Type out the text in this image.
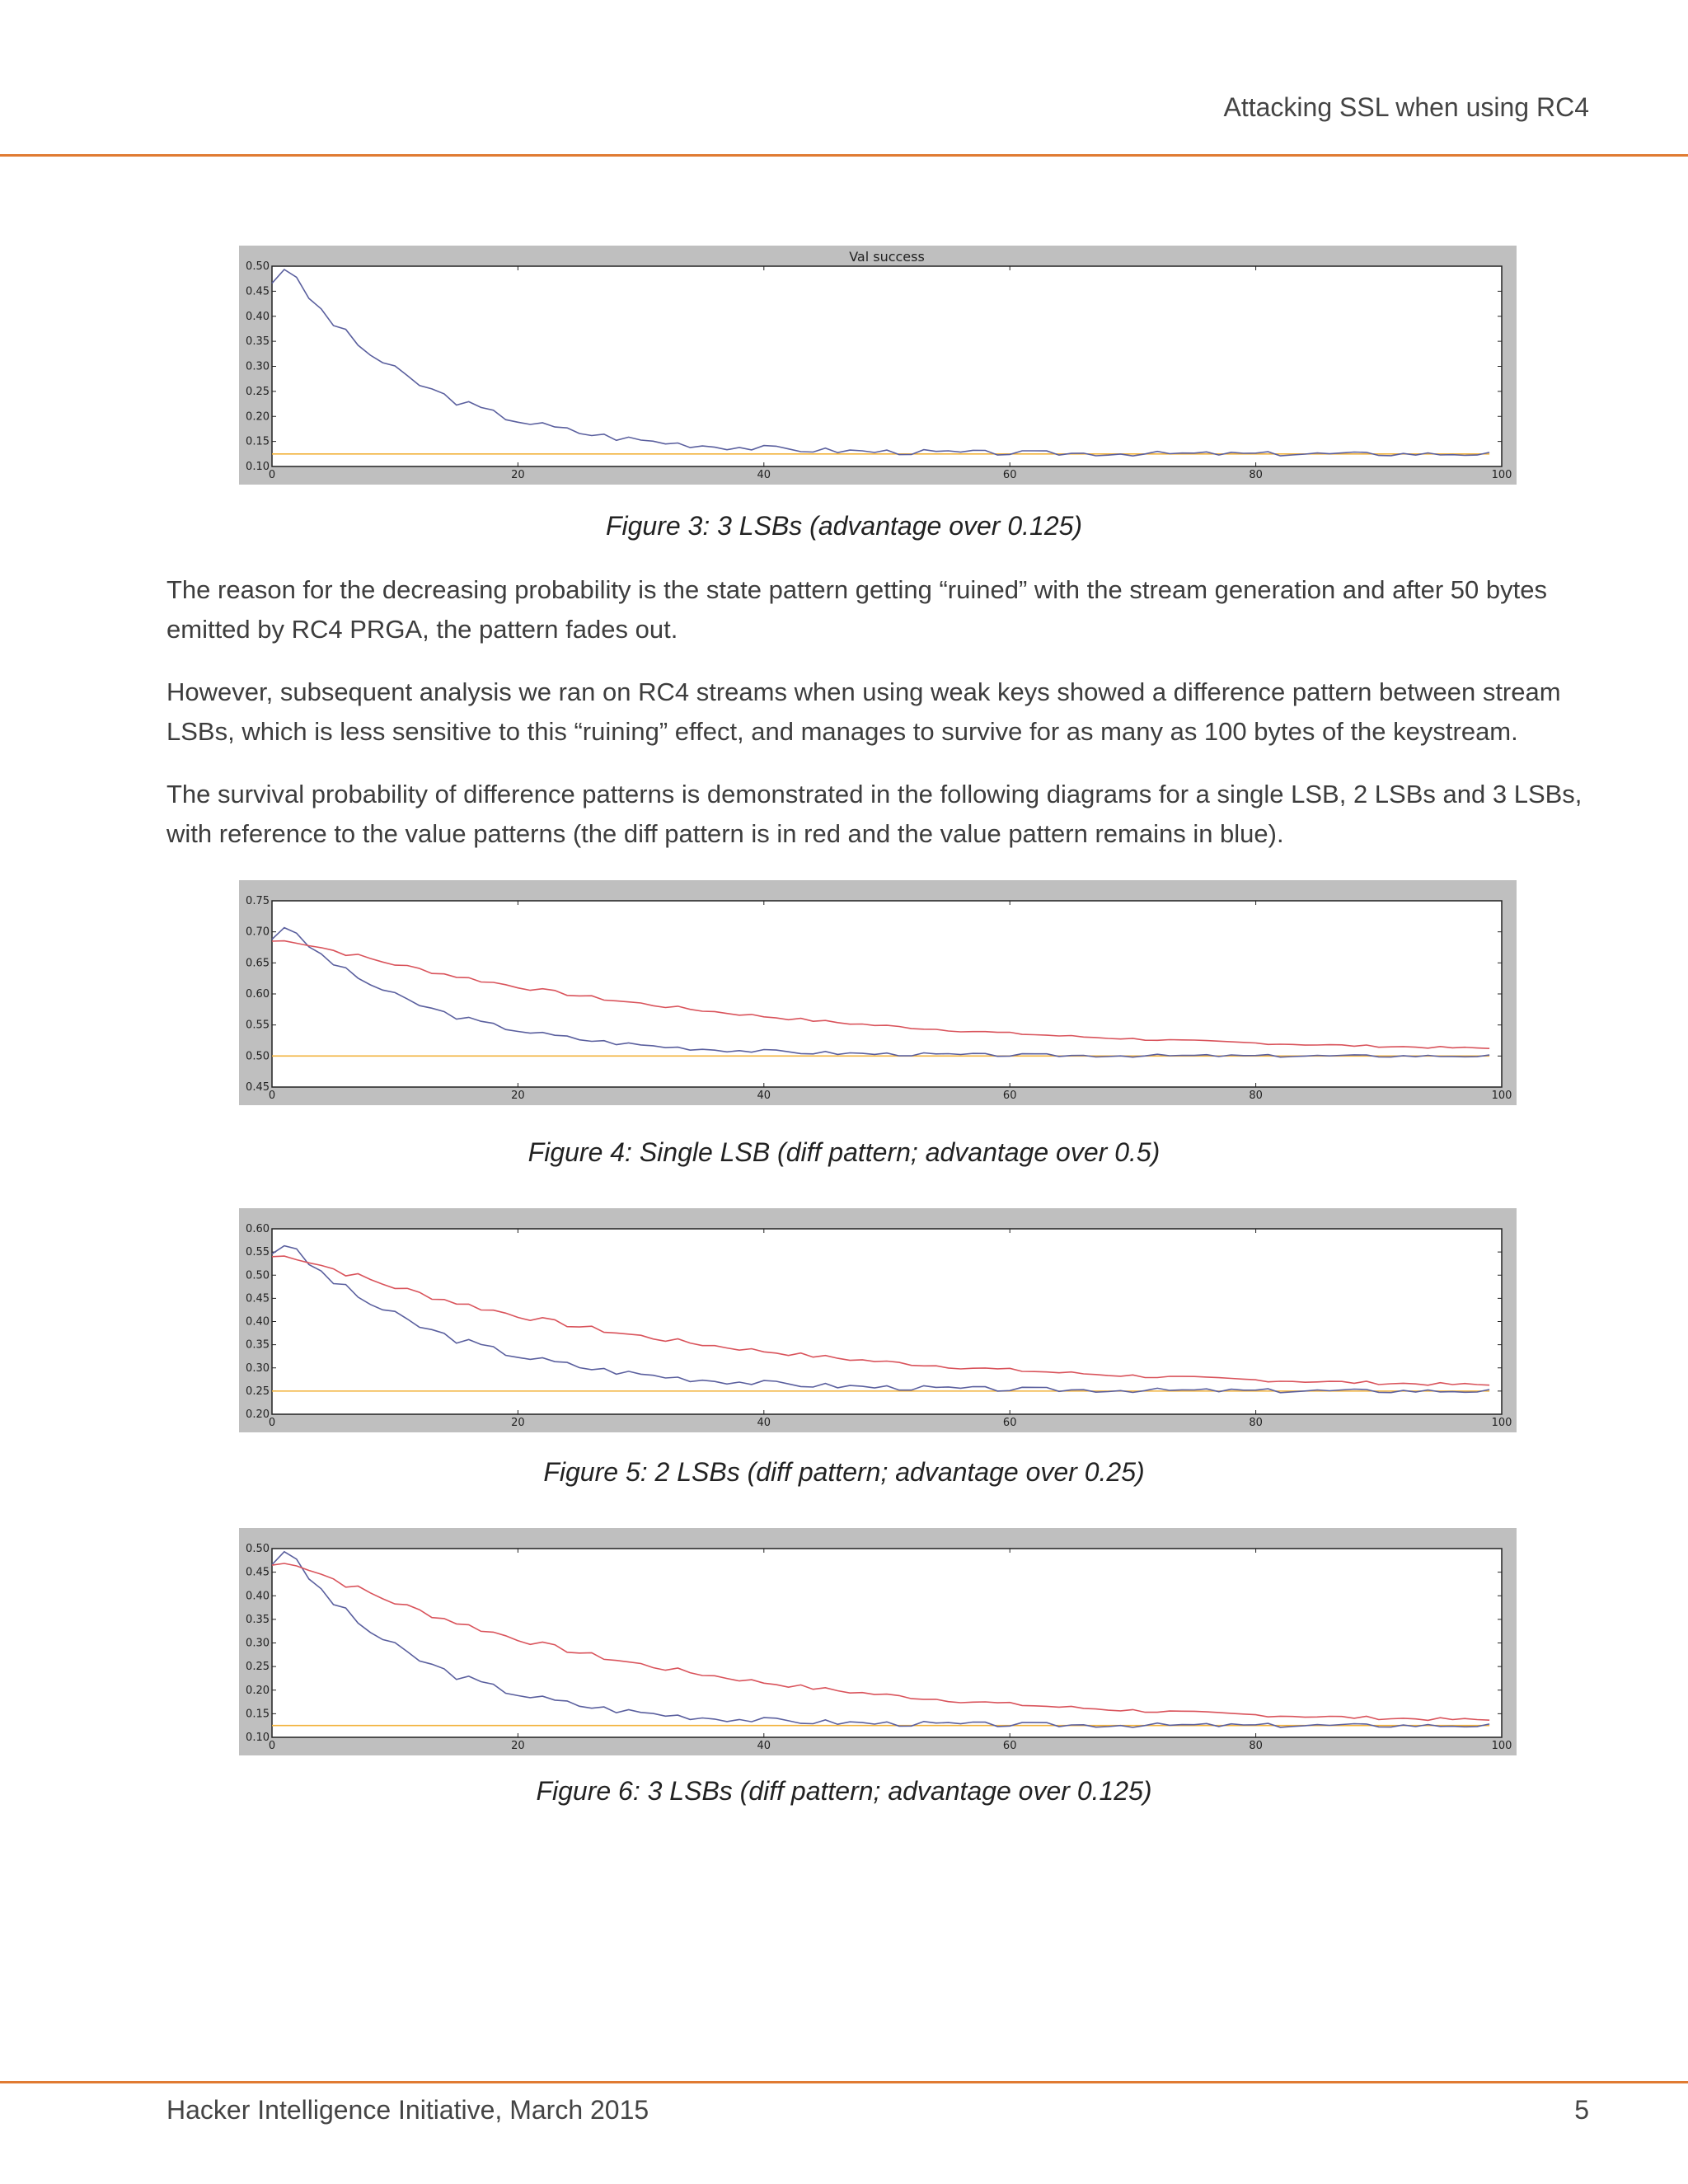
Attacking SSL when using RC4
Val success
0.10
0.15
0.20
0.25
0.30
0.35
0.40
0.45
0.50
0	20	40	60	80	100
Figure 3: 3 LSBs (advantage over 0.125)

The reason for the decreasing probability is the state pattern getting “ruined” with the stream generation and after 50 bytes emitted by RC4 PRGA, the pattern fades out.

However, subsequent analysis we ran on RC4 streams when using weak keys showed a difference pattern between stream LSBs, which is less sensitive to this “ruining” effect, and manages to survive for as many as 100 bytes of the keystream.

The survival probability of difference patterns is demonstrated in the following diagrams for a single LSB, 2 LSBs and 3 LSBs, with reference to the value patterns (the diff pattern is in red and the value pattern remains in blue).

0.45
0.50
0.55
0.60
0.65
0.70
0.75
0	20	40	60	80	100
Figure 4: Single LSB (diff pattern; advantage over 0.5)
0.20
0.25
0.30
0.35
0.40
0.45
0.50
0.55
0.60
0	20	40	60	80	100
Figure 5: 2 LSBs (diff pattern; advantage over 0.25)
0.10
0.15
0.20
0.25
0.30
0.35
0.40
0.45
0.50
0	20	40	60	80	100
Figure 6: 3 LSBs (diff pattern; advantage over 0.125)
Hacker Intelligence Initiative, March 2015	5
